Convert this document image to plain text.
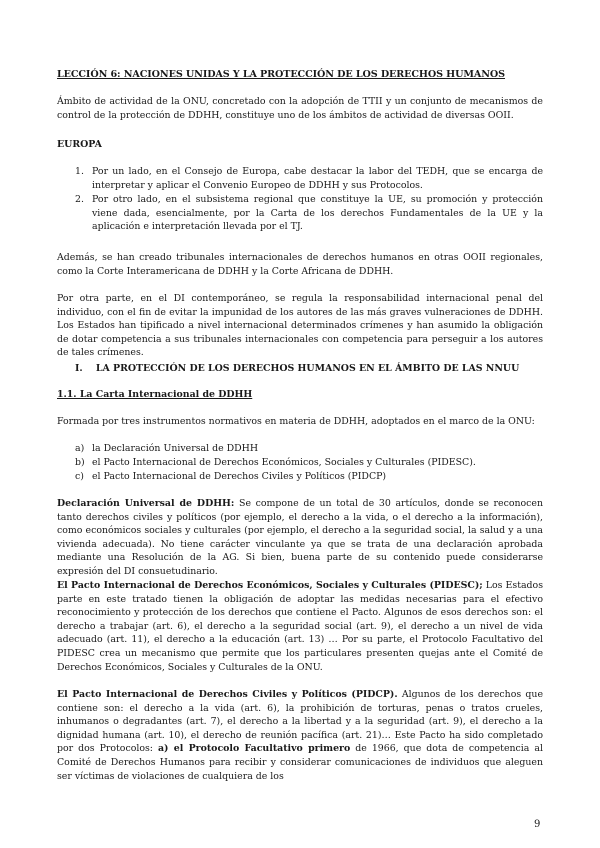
LECCIÓN 6: NACIONES UNIDAS Y LA PROTECCIÓN DE LOS DERECHOS HUMANOS
Ámbito de actividad de la ONU, concretado con la adopción de TTII y un conjunto de mecanismos de control de la protección de DDHH, constituye uno de los ámbitos de actividad de diversas OOII.
EUROPA
1. Por un lado, en el Consejo de Europa, cabe destacar la labor del TEDH, que se encarga de interpretar y aplicar el Convenio Europeo de DDHH y sus Protocolos.
2. Por otro lado, en el subsistema regional que constituye la UE, su promoción y protección viene dada, esencialmente, por la Carta de los derechos Fundamentales de la UE y la aplicación e interpretación llevada por el TJ.
Además, se han creado tribunales internacionales de derechos humanos en otras OOII regionales, como la Corte Interamericana de DDHH y la Corte Africana de DDHH.
Por otra parte, en el DI contemporáneo, se regula la responsabilidad internacional penal del individuo, con el fin de evitar la impunidad de los autores de las más graves vulneraciones de DDHH. Los Estados han tipificado a nivel internacional determinados crímenes y han asumido la obligación de dotar competencia a sus tribunales internacionales con competencia para perseguir a los autores de tales crímenes.
I. LA PROTECCIÓN DE LOS DERECHOS HUMANOS EN EL ÁMBITO DE LAS NNUU
1.1. La Carta Internacional de DDHH
Formada por tres instrumentos normativos en materia de DDHH, adoptados en el marco de la ONU:
a) la Declaración Universal de DDHH
b) el Pacto Internacional de Derechos Económicos, Sociales y Culturales (PIDESC).
c) el Pacto Internacional de Derechos Civiles y Políticos (PIDCP)
Declaración Universal de DDHH: Se compone de un total de 30 artículos, donde se reconocen tanto derechos civiles y políticos (por ejemplo, el derecho a la vida, o el derecho a la información), como económicos sociales y culturales (por ejemplo, el derecho a la seguridad social, la salud y a una vivienda adecuada). No tiene carácter vinculante ya que se trata de una declaración aprobada mediante una Resolución de la AG. Si bien, buena parte de su contenido puede considerarse expresión del DI consuetudinario.
El Pacto Internacional de Derechos Económicos, Sociales y Culturales (PIDESC); Los Estados parte en este tratado tienen la obligación de adoptar las medidas necesarias para el efectivo reconocimiento y protección de los derechos que contiene el Pacto. Algunos de esos derechos son: el derecho a trabajar (art. 6), el derecho a la seguridad social (art. 9), el derecho a un nivel de vida adecuado (art. 11), el derecho a la educación (art. 13) … Por su parte, el Protocolo Facultativo del PIDESC crea un mecanismo que permite que los particulares presenten quejas ante el Comité de Derechos Económicos, Sociales y Culturales de la ONU.
El Pacto Internacional de Derechos Civiles y Políticos (PIDCP). Algunos de los derechos que contiene son: el derecho a la vida (art. 6), la prohibición de torturas, penas o tratos crueles, inhumanos o degradantes (art. 7), el derecho a la libertad y a la seguridad (art. 9), el derecho a la dignidad humana (art. 10), el derecho de reunión pacífica (art. 21)… Este Pacto ha sido completado por dos Protocolos: a) el Protocolo Facultativo primero de 1966, que dota de competencia al Comité de Derechos Humanos para recibir y considerar comunicaciones de individuos que aleguen ser víctimas de violaciones de cualquiera de los
9
